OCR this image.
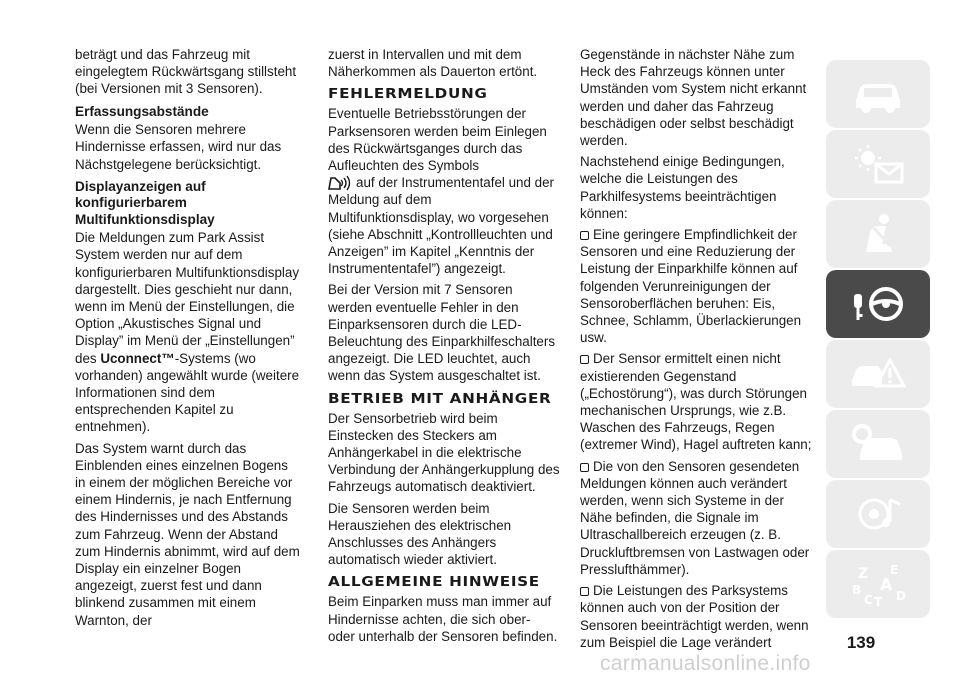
beträgt und das Fahrzeug mit eingelegtem Rückwärtsgang stillsteht (bei Versionen mit 3 Sensoren).

Erfassungsabstände

Wenn die Sensoren mehrere Hindernisse erfassen, wird nur das Nächstgelegene berücksichtigt.

Displayanzeigen auf konfigurierbarem Multifunktionsdisplay

Die Meldungen zum Park Assist System werden nur auf dem konfigurierbaren Multifunktionsdisplay dargestellt. Dies geschieht nur dann, wenn im Menü der Einstellungen, die Option „Akustisches Signal und Display” im Menü der „Einstellungen” des Uconnect™-Systems (wo vorhanden) angewählt wurde (weitere Informationen sind dem entsprechenden Kapitel zu entnehmen).

Das System warnt durch das Einblenden eines einzelnen Bogens in einem der möglichen Bereiche vor einem Hindernis, je nach Entfernung des Hindernisses und des Abstands zum Fahrzeug. Wenn der Abstand zum Hindernis abnimmt, wird auf dem Display ein einzelner Bogen angezeigt, zuerst fest und dann blinkend zusammen mit einem Warnton, der

zuerst in Intervallen und mit dem Näherkommen als Dauerton ertönt.

FEHLERMELDUNG

Eventuelle Betriebsstörungen der Parksensoren werden beim Einlegen des Rückwärtsganges durch das Aufleuchten des Symbols
auf der Instrumententafel und der Meldung auf dem Multifunktionsdisplay, wo vorgesehen (siehe Abschnitt „Kontrollleuchten und Anzeigen” im Kapitel „Kenntnis der Instrumententafel”) angezeigt.

Bei der Version mit 7 Sensoren werden eventuelle Fehler in den Einparksensoren durch die LED-Beleuchtung des Einparkhilfeschalters angezeigt. Die LED leuchtet, auch wenn das System ausgeschaltet ist.

BETRIEB MIT ANHÄNGER

Der Sensorbetrieb wird beim Einstecken des Steckers am Anhängerkabel in die elektrische Verbindung der Anhängerkupplung des Fahrzeugs automatisch deaktiviert.

Die Sensoren werden beim Herausziehen des elektrischen Anschlusses des Anhängers automatisch wieder aktiviert.

ALLGEMEINE HINWEISE

Beim Einparken muss man immer auf Hindernisse achten, die sich ober- oder unterhalb der Sensoren befinden.

Gegenstände in nächster Nähe zum Heck des Fahrzeugs können unter Umständen vom System nicht erkannt werden und daher das Fahrzeug beschädigen oder selbst beschädigt werden.

Nachstehend einige Bedingungen, welche die Leistungen des Parkhilfesystems beeinträchtigen können:

Eine geringere Empfindlichkeit der Sensoren und eine Reduzierung der Leistung der Einparkhilfe können auf folgenden Verunreinigungen der Sensoroberflächen beruhen: Eis, Schnee, Schlamm, Überlackierungen usw.

Der Sensor ermittelt einen nicht existierenden Gegenstand („Echostörung“), was durch Störungen mechanischen Ursprungs, wie z.B. Waschen des Fahrzeugs, Regen (extremer Wind), Hagel auftreten kann;

Die von den Sensoren gesendeten Meldungen können auch verändert werden, wenn sich Systeme in der Nähe befinden, die Signale im Ultraschallbereich erzeugen (z. B. Druckluftbremsen von Lastwagen oder Presslufthämmer).

Die Leistungen des Parksystems können auch von der Position der Sensoren beeinträchtigt werden, wenn zum Beispiel die Lage verändert

Z E
B A
C T D
139
carmanualsonline.info
